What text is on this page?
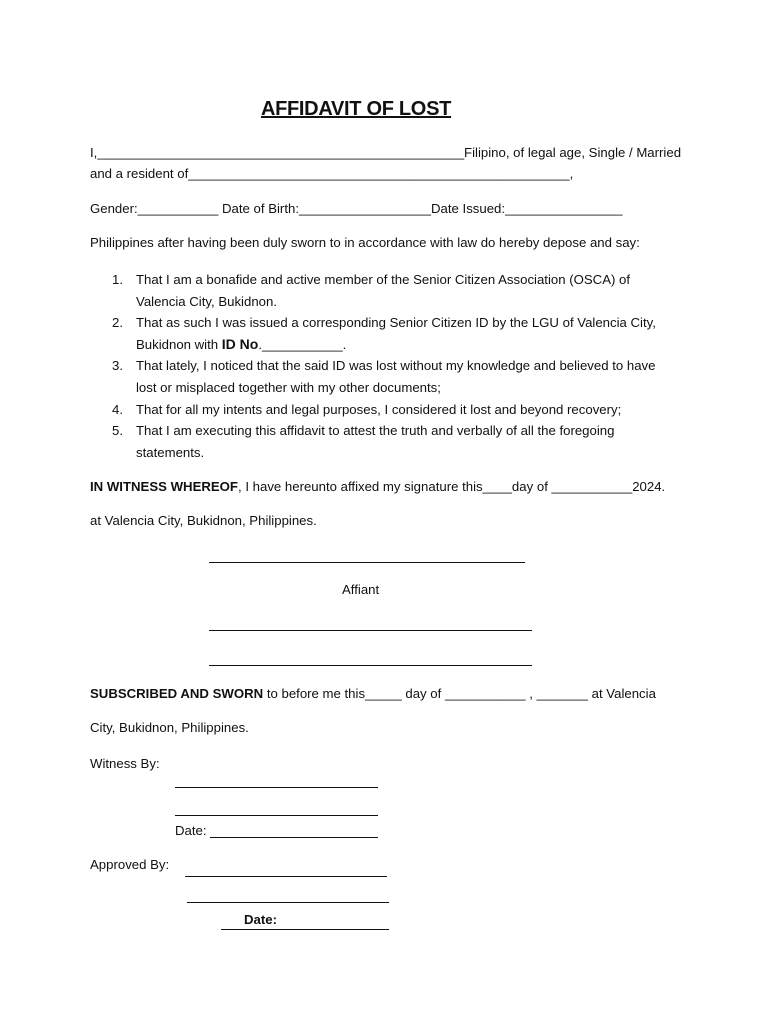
AFFIDAVIT OF LOST
I,__________________________________________________Filipino, of legal age, Single / Married
and a resident of____________________________________________________,
Gender:___________ Date of Birth:__________________Date Issued:________________
Philippines after having been duly sworn to in accordance with law do hereby depose and say:
1. That I am a bonafide and active member of the Senior Citizen Association (OSCA) of Valencia City, Bukidnon.
2. That as such I was issued a corresponding Senior Citizen ID by the LGU of Valencia City, Bukidnon with ID No.___________.
3. That lately, I noticed that the said ID was lost without my knowledge and believed to have lost or misplaced together with my other documents;
4. That for all my intents and legal purposes, I considered it lost and beyond recovery;
5. That I am executing this affidavit to attest the truth and verbally of all the foregoing statements.
IN WITNESS WHEREOF, I have hereunto affixed my signature this____day of ___________2024.
at Valencia City, Bukidnon, Philippines.
Affiant
SUBSCRIBED AND SWORN to before me this_____ day of ___________ , _______ at Valencia
City, Bukidnon, Philippines.
Witness By:
Date:
Approved By:
Date:
